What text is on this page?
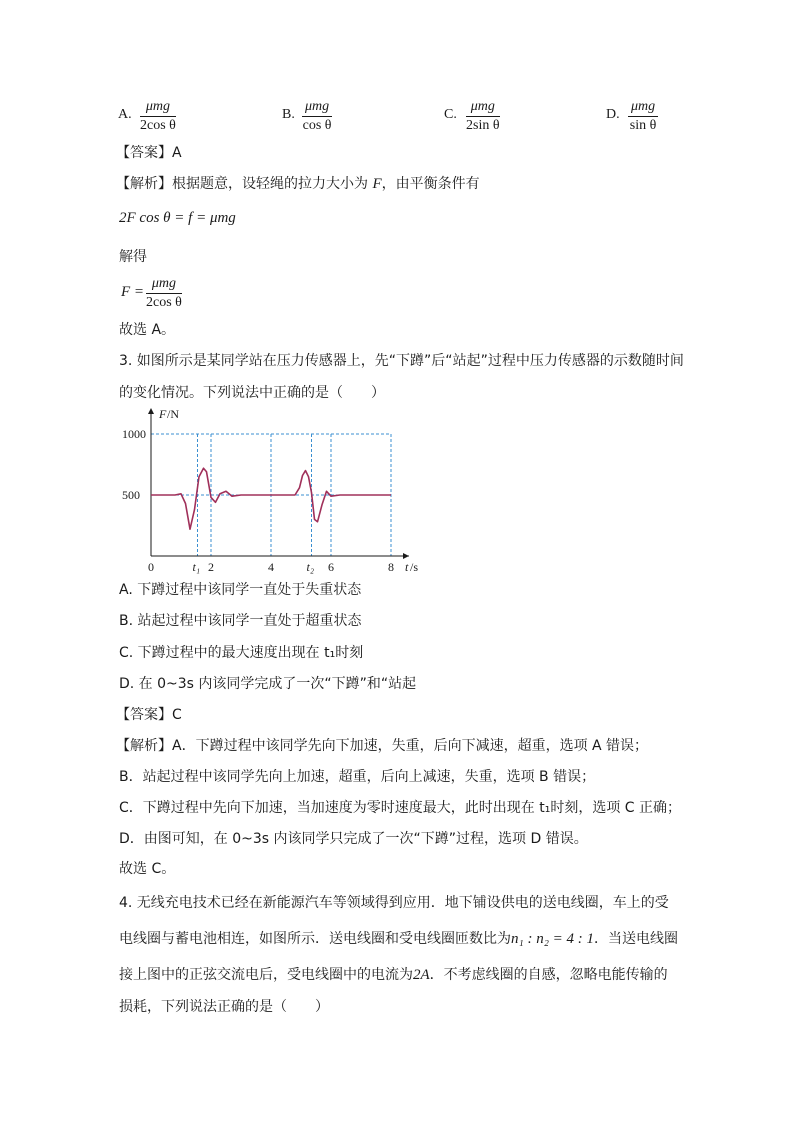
A.
μmg
2cos θ
B.
μmg
cos θ
C.
μmg
2sin θ
D.
μmg
sin θ
【答案】A
【解析】根据题意，设轻绳的拉力大小为 F，由平衡条件有
2F cos θ = f = μmg
解得
F =
μmg
2cos θ
故选 A。
3. 如图所示是某同学站在压力传感器上，先“下蹲”后“站起”过程中压力传感器的示数随时间
的变化情况。下列说法中正确的是（　　）
F /N
t /s
500
1000
0	t₁ 2	4	t₂ 6	8
A. 下蹲过程中该同学一直处于失重状态
B. 站起过程中该同学一直处于超重状态
C. 下蹲过程中的最大速度出现在 t₁时刻
D. 在 0~3s 内该同学完成了一次“下蹲”和“站起
【答案】C
【解析】A．下蹲过程中该同学先向下加速，失重，后向下减速，超重，选项 A 错误；
B．站起过程中该同学先向上加速，超重，后向上减速，失重，选项 B 错误；
C．下蹲过程中先向下加速，当加速度为零时速度最大，此时出现在 t₁时刻，选项 C 正确；
D．由图可知，在 0~3s 内该同学只完成了一次“下蹲”过程，选项 D 错误。
故选 C。
4. 无线充电技术已经在新能源汽车等领域得到应用．地下铺设供电的送电线圈，车上的受
电线圈与蓄电池相连，如图所示．送电线圈和受电线圈匝数比为n₁ : n₂ = 4 : 1．当送电线圈
接上图中的正弦交流电后，受电线圈中的电流为2A．不考虑线圈的自感，忽略电能传输的
损耗，下列说法正确的是（　　）
